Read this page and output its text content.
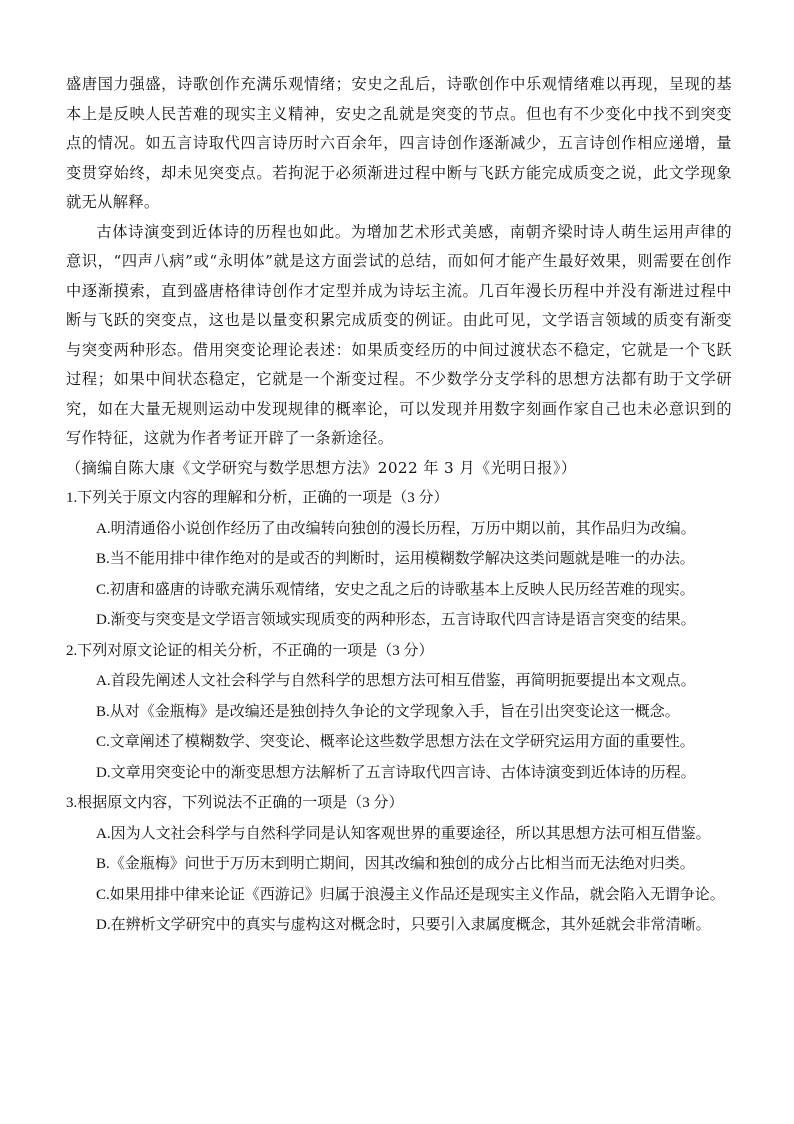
盛唐国力强盛，诗歌创作充满乐观情绪；安史之乱后，诗歌创作中乐观情绪难以再现，呈现的基本上是反映人民苦难的现实主义精神，安史之乱就是突变的节点。但也有不少变化中找不到突变点的情况。如五言诗取代四言诗历时六百余年，四言诗创作逐渐减少，五言诗创作相应递增，量变贯穿始终，却未见突变点。若拘泥于必须渐进过程中断与飞跃方能完成质变之说，此文学现象就无从解释。

古体诗演变到近体诗的历程也如此。为增加艺术形式美感，南朝齐梁时诗人萌生运用声律的意识，“四声八病”或“永明体”就是这方面尝试的总结，而如何才能产生最好效果，则需要在创作中逐渐摸索，直到盛唐格律诗创作才定型并成为诗坛主流。几百年漫长历程中并没有渐进过程中断与飞跃的突变点，这也是以量变积累完成质变的例证。由此可见，文学语言领域的质变有渐变与突变两种形态。借用突变论理论表述：如果质变经历的中间过渡状态不稳定，它就是一个飞跃过程；如果中间状态稳定，它就是一个渐变过程。不少数学分支学科的思想方法都有助于文学研究，如在大量无规则运动中发现规律的概率论，可以发现并用数字刻画作家自己也未必意识到的写作特征，这就为作者考证开辟了一条新途径。

（摘编自陈大康《文学研究与数学思想方法》2022 年 3 月《光明日报》）

1.下列关于原文内容的理解和分析，正确的一项是（3 分）

A.明清通俗小说创作经历了由改编转向独创的漫长历程，万历中期以前，其作品归为改编。

B.当不能用排中律作绝对的是或否的判断时，运用模糊数学解决这类问题就是唯一的办法。

C.初唐和盛唐的诗歌充满乐观情绪，安史之乱之后的诗歌基本上反映人民历经苦难的现实。

D.渐变与突变是文学语言领域实现质变的两种形态，五言诗取代四言诗是语言突变的结果。

2.下列对原文论证的相关分析，不正确的一项是（3 分）

A.首段先阐述人文社会科学与自然科学的思想方法可相互借鉴，再简明扼要提出本文观点。

B.从对《金瓶梅》是改编还是独创持久争论的文学现象入手，旨在引出突变论这一概念。

C.文章阐述了模糊数学、突变论、概率论这些数学思想方法在文学研究运用方面的重要性。

D.文章用突变论中的渐变思想方法解析了五言诗取代四言诗、古体诗演变到近体诗的历程。

3.根据原文内容，下列说法不正确的一项是（3 分）

A.因为人文社会科学与自然科学同是认知客观世界的重要途径，所以其思想方法可相互借鉴。

B.《金瓶梅》问世于万历末到明亡期间，因其改编和独创的成分占比相当而无法绝对归类。

C.如果用排中律来论证《西游记》归属于浪漫主义作品还是现实主义作品，就会陷入无谓争论。

D.在辨析文学研究中的真实与虚构这对概念时，只要引入隶属度概念，其外延就会非常清晰。
